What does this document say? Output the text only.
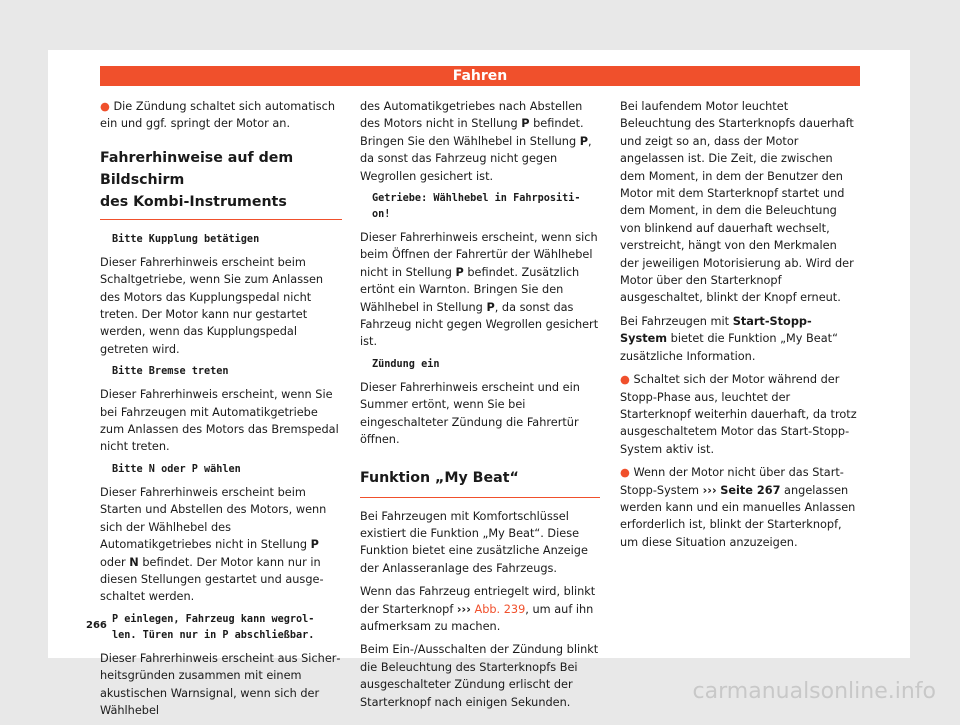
Fahren

● Die Zündung schaltet sich automatisch ein und ggf. springt der Motor an.

Fahrerhinweise auf dem Bildschirm
des Kombi-Instruments

Bitte Kupplung betätigen

Dieser Fahrerhinweis erscheint beim Schaltgetriebe, wenn Sie zum Anlassen des Motors das Kupplungspedal nicht treten. Der Motor kann nur gestartet werden, wenn das Kupplungspedal getreten wird.

Bitte Bremse treten

Dieser Fahrerhinweis erscheint, wenn Sie bei Fahrzeugen mit Automatikgetriebe zum Anlassen des Motors das Bremspedal nicht treten.

Bitte N oder P wählen

Dieser Fahrerhinweis erscheint beim Starten und Abstellen des Motors, wenn sich der Wählhebel des Automatikgetriebes nicht in Stellung P oder N befindet. Der Motor kann nur in diesen Stellungen gestartet und ausgeschaltet werden.

P einlegen, Fahrzeug kann wegrol-
len. Türen nur in P abschließbar.

Dieser Fahrerhinweis erscheint aus Sicherheitsgründen zusammen mit einem akustischen Warnsignal, wenn sich der Wählhebel

des Automatikgetriebes nach Abstellen des Motors nicht in Stellung P befindet. Bringen Sie den Wählhebel in Stellung P, da sonst das Fahrzeug nicht gegen Wegrollen gesichert ist.

Getriebe: Wählhebel in Fahrpositi-
on!

Dieser Fahrerhinweis erscheint, wenn sich beim Öffnen der Fahrertür der Wählhebel nicht in Stellung P befindet. Zusätzlich ertönt ein Warnton. Bringen Sie den Wählhebel in Stellung P, da sonst das Fahrzeug nicht gegen Wegrollen gesichert ist.

Zündung ein

Dieser Fahrerhinweis erscheint und ein Summer ertönt, wenn Sie bei eingeschalteter Zündung die Fahrertür öffnen.

Funktion „My Beat“

Bei Fahrzeugen mit Komfortschlüssel existiert die Funktion „My Beat“. Diese Funktion bietet eine zusätzliche Anzeige der Anlasseranlage des Fahrzeugs.

Wenn das Fahrzeug entriegelt wird, blinkt der Starterknopf ››› Abb. 239, um auf ihn aufmerksam zu machen.

Beim Ein-/Ausschalten der Zündung blinkt die Beleuchtung des Starterknopfs Bei ausgeschalteter Zündung erlischt der Starterknopf nach einigen Sekunden.

Bei laufendem Motor leuchtet Beleuchtung des Starterknopfs dauerhaft und zeigt so an, dass der Motor angelassen ist. Die Zeit, die zwischen dem Moment, in dem der Benutzer den Motor mit dem Starterknopf startet und dem Moment, in dem die Beleuchtung von blinkend auf dauerhaft wechselt, verstreicht, hängt von den Merkmalen der jeweiligen Motorisierung ab. Wird der Motor über den Starterknopf ausgeschaltet, blinkt der Knopf erneut.

Bei Fahrzeugen mit Start-Stopp-System bietet die Funktion „My Beat“ zusätzliche Information.

● Schaltet sich der Motor während der Stopp-Phase aus, leuchtet der Starterknopf weiterhin dauerhaft, da trotz ausgeschaltetem Motor das Start-Stopp-System aktiv ist.

● Wenn der Motor nicht über das Start-Stopp-System ››› Seite 267 angelassen werden kann und ein manuelles Anlassen erforderlich ist, blinkt der Starterknopf, um diese Situation anzuzeigen.

266
carmanualsonline.info
